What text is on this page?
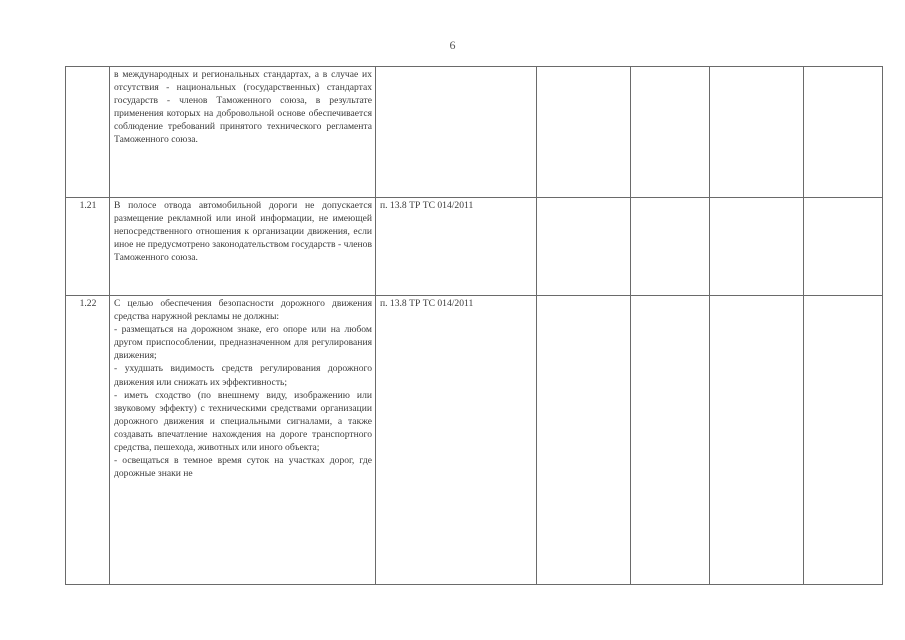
6

	в международных и региональных стандартах, а в случае их отсутствия - национальных (государственных) стандартах государств - членов Таможенного союза, в результате применения которых на добровольной основе обеспечивается соблюдение требований принятого технического регламента Таможенного союза.					

1.21	В полосе отвода автомобильной дороги не допускается размещение рекламной или иной информации, не имеющей непосредственного отношения к организации движения, если иное не предусмотрено законодательством государств - членов Таможенного союза.	п. 13.8 ТР ТС 014/2011				
1.22	С целью обеспечения безопасности дорожного движения средства наружной рекламы не должны:

- размещаться на дорожном знаке, его опоре или на любом другом приспособлении, предназначенном для регулирования движения;

- ухудшать видимость средств регулирования дорожного движения или снижать их эффективность;

- иметь сходство (по внешнему виду, изображению или звуковому эффекту) с техническими средствами организации дорожного движения и специальными сигналами, а также создавать впечатление нахождения на дороге транспортного средства, пешехода, животных или иного объекта;

- освещаться в темное время суток на участках дорог, где дорожные знаки не	п. 13.8 ТР ТС 014/2011				
